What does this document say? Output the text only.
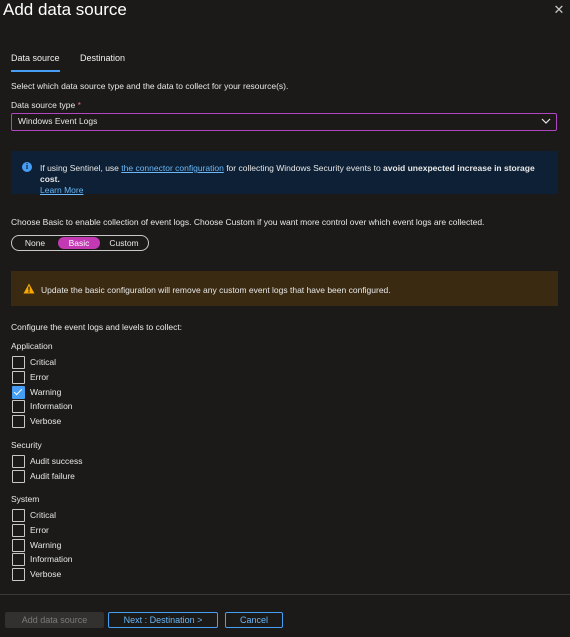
Add data source	✕
Data source Destination
Select which data source type and the data to collect for your resource(s).
Data source type *
Windows Event Logs
i	If using Sentinel, use the connector configuration for collecting Windows Security events to avoid unexpected increase in storage cost.
Learn More
Choose Basic to enable collection of event logs. Choose Custom if you want more control over which event logs are collected.
None	Basic	Custom
Update the basic configuration will remove any custom event logs that have been configured.
Configure the event logs and levels to collect:
Application
Critical
Error
Warning
Information
Verbose
Security
Audit success
Audit failure
System
Critical
Error
Warning
Information
Verbose
Add data source	Next : Destination >	Cancel
